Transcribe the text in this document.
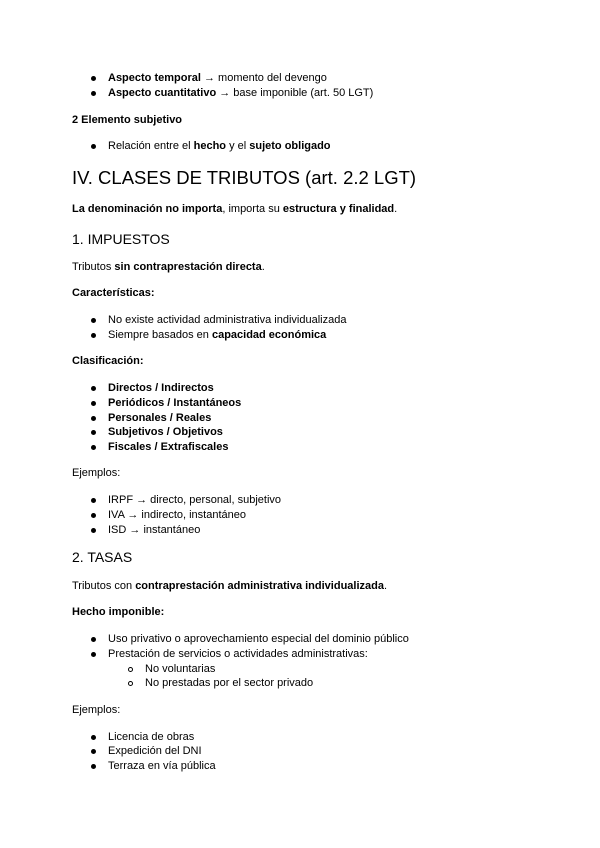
Aspecto temporal → momento del devengo
Aspecto cuantitativo → base imponible (art. 50 LGT)
2 Elemento subjetivo
Relación entre el hecho y el sujeto obligado
IV. CLASES DE TRIBUTOS (art. 2.2 LGT)
La denominación no importa, importa su estructura y finalidad.
1. IMPUESTOS
Tributos sin contraprestación directa.
Características:
No existe actividad administrativa individualizada
Siempre basados en capacidad económica
Clasificación:
Directos / Indirectos
Periódicos / Instantáneos
Personales / Reales
Subjetivos / Objetivos
Fiscales / Extrafiscales
Ejemplos:
IRPF → directo, personal, subjetivo
IVA → indirecto, instantáneo
ISD → instantáneo
2. TASAS
Tributos con contraprestación administrativa individualizada.
Hecho imponible:
Uso privativo o aprovechamiento especial del dominio público
Prestación de servicios o actividades administrativas:
No voluntarias
No prestadas por el sector privado
Ejemplos:
Licencia de obras
Expedición del DNI
Terraza en vía pública
